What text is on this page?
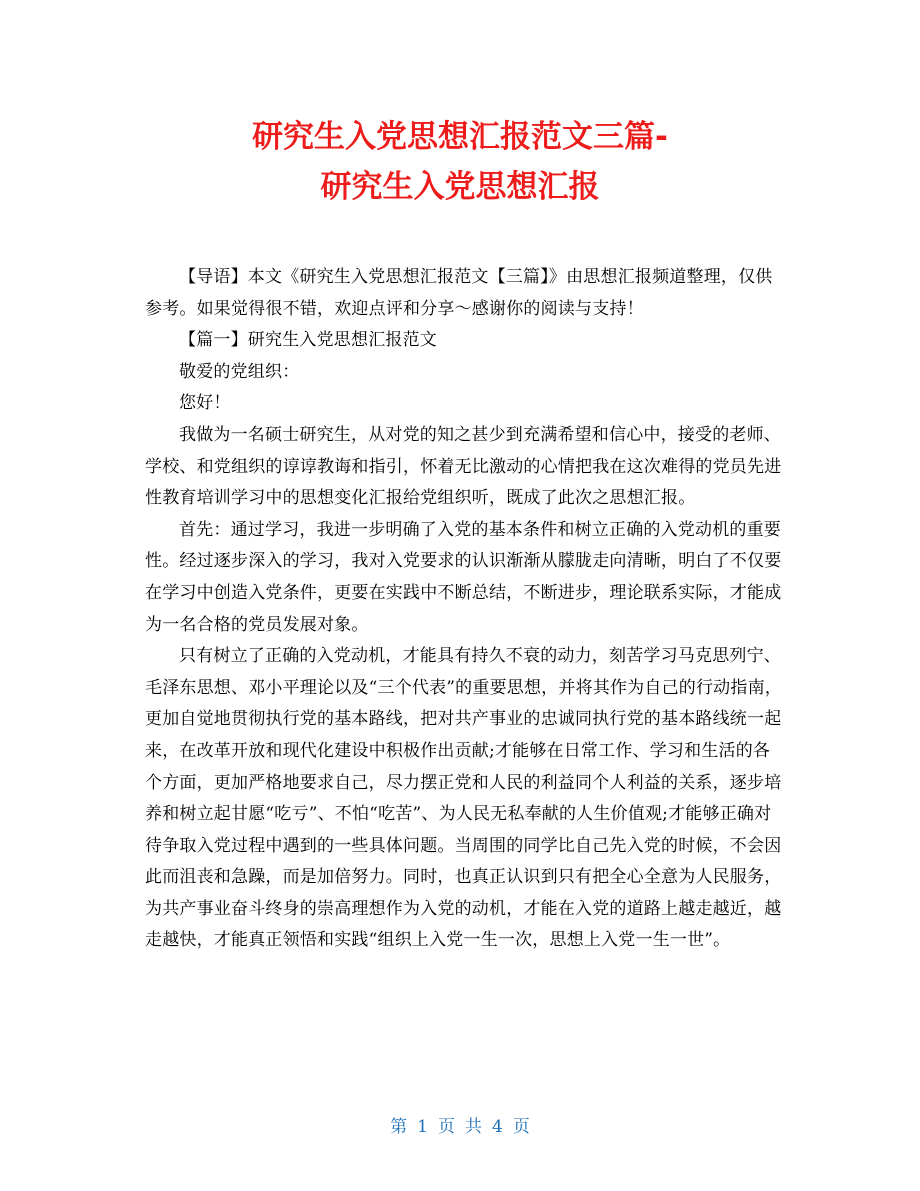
研究生入党思想汇报范文三篇-
研究生入党思想汇报

【导语】本文《研究生入党思想汇报范文【三篇】》由思想汇报频道整理，仅供参考。如果觉得很不错，欢迎点评和分享～感谢你的阅读与支持！

【篇一】研究生入党思想汇报范文

敬爱的党组织：

您好！

我做为一名硕士研究生，从对党的知之甚少到充满希望和信心中，接受的老师、学校、和党组织的谆谆教诲和指引，怀着无比激动的心情把我在这次难得的党员先进性教育培训学习中的思想变化汇报给党组织听，既成了此次之思想汇报。

首先：通过学习，我进一步明确了入党的基本条件和树立正确的入党动机的重要性。经过逐步深入的学习，我对入党要求的认识渐渐从朦胧走向清晰，明白了不仅要在学习中创造入党条件，更要在实践中不断总结，不断进步，理论联系实际，才能成为一名合格的党员发展对象。

只有树立了正确的入党动机，才能具有持久不衰的动力，刻苦学习马克思列宁、毛泽东思想、邓小平理论以及“三个代表”的重要思想，并将其作为自己的行动指南，更加自觉地贯彻执行党的基本路线，把对共产事业的忠诚同执行党的基本路线统一起来，在改革开放和现代化建设中积极作出贡献;才能够在日常工作、学习和生活的各个方面，更加严格地要求自己，尽力摆正党和人民的利益同个人利益的关系，逐步培养和树立起甘愿“吃亏”、不怕“吃苦”、为人民无私奉献的人生价值观;才能够正确对待争取入党过程中遇到的一些具体问题。当周围的同学比自己先入党的时候，不会因此而沮丧和急躁，而是加倍努力。同时，也真正认识到只有把全心全意为人民服务，为共产事业奋斗终身的崇高理想作为入党的动机，才能在入党的道路上越走越近，越走越快，才能真正领悟和实践“组织上入党一生一次，思想上入党一生一世”。

第 1 页 共 4 页
